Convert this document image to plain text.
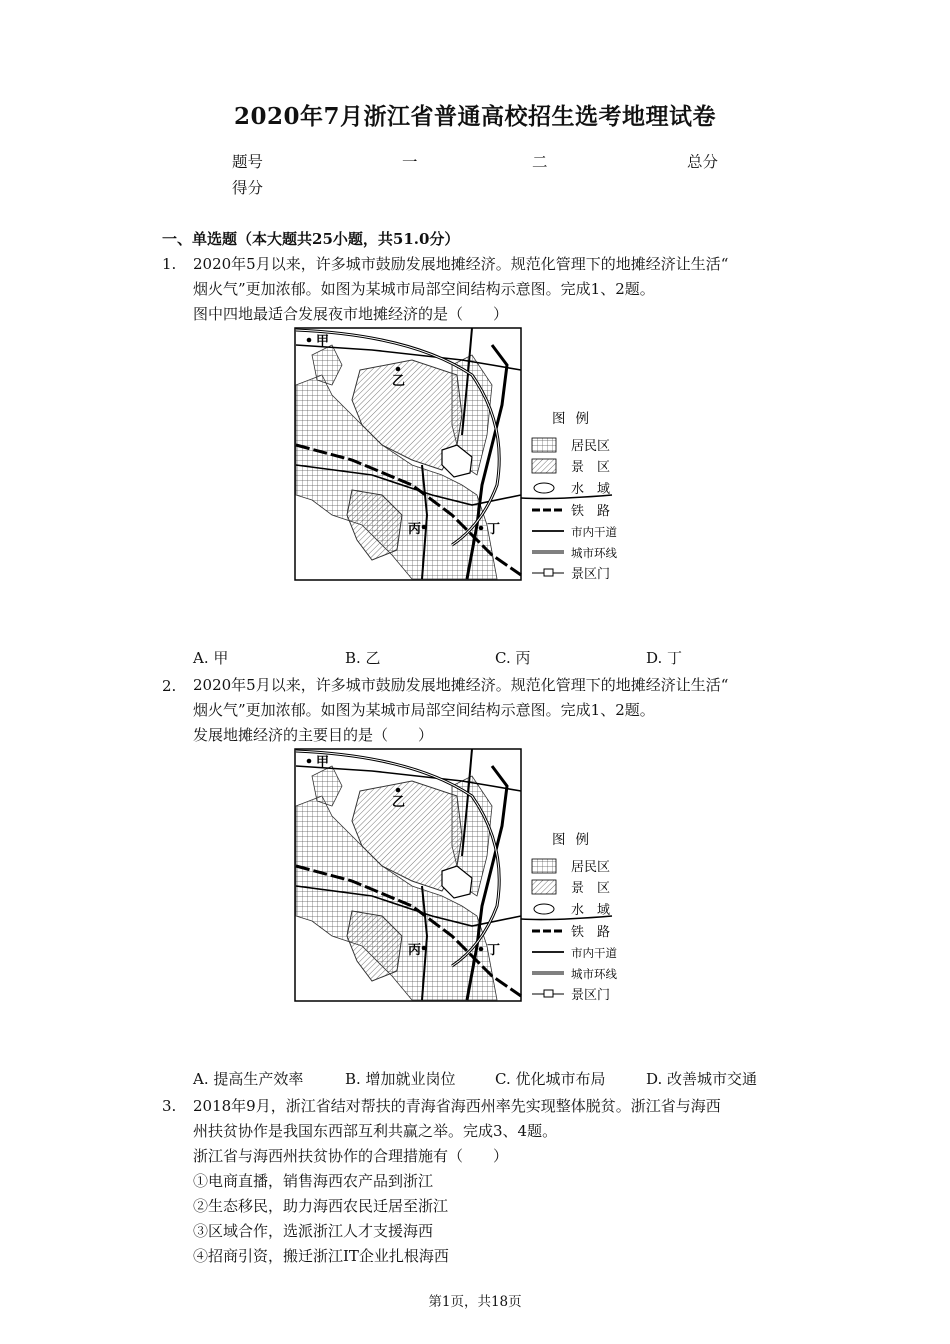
2020年7月浙江省普通高校招生选考地理试卷
题号	一	二	总分
得分
一、单选题（本大题共25小题，共51.0分）
1. 2020年5月以来，许多城市鼓励发展地摊经济。规范化管理下的地摊经济让生活“
烟火气”更加浓郁。如图为某城市局部空间结构示意图。完成1、2题。
图中四地最适合发展夜市地摊经济的是（　　）
甲
乙
丙	丁
图例
居民区
景　区
水　域
铁　路
市内干道
城市环线
景区门
A. 甲	B. 乙	C. 丙	D. 丁
2. 2020年5月以来，许多城市鼓励发展地摊经济。规范化管理下的地摊经济让生活“
烟火气”更加浓郁。如图为某城市局部空间结构示意图。完成1、2题。
发展地摊经济的主要目的是（　　）
甲
乙
丙	丁
图例
居民区
景　区
水　域
铁　路
市内干道
城市环线
景区门
A. 提高生产效率	B. 增加就业岗位	C. 优化城市布局	D. 改善城市交通
3. 2018年9月，浙江省结对帮扶的青海省海西州率先实现整体脱贫。浙江省与海西
州扶贫协作是我国东西部互利共赢之举。完成3、4题。
浙江省与海西州扶贫协作的合理措施有（　　）
①电商直播，销售海西农产品到浙江
②生态移民，助力海西农民迁居至浙江
③区域合作，选派浙江人才支援海西
④招商引资，搬迁浙江IT企业扎根海西
第1页，共18页
